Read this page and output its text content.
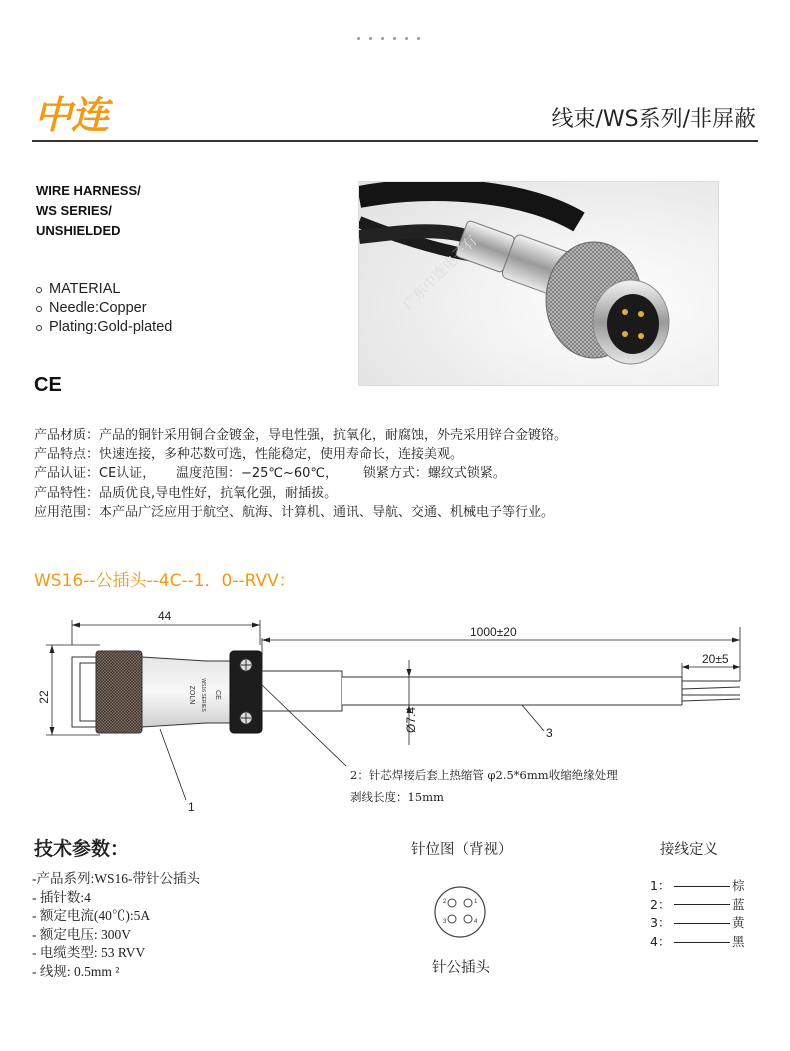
中连	线束/WS系列/非屏蔽
WIRE HARNESS/
WS SERIES/
UNSHIELDED
MATERIAL
Needle:Copper
Plating:Gold-plated
CE
广东中连电子有
产品材质：产品的铜针采用铜合金镀金，导电性强，抗氧化，耐腐蚀，外壳采用锌合金镀铬。
产品特点：快速连接，多种芯数可选，性能稳定，使用寿命长，连接美观。
产品认证：CE认证，     温度范围：−25℃~60℃，      锁紧方式：螺纹式锁紧。
产品特性：品质优良,导电性好，抗氧化强，耐插拔。
应用范围：本产品广泛应用于航空、航海、计算机、通讯、导航、交通、机械电子等行业。
WS16--公插头--4C--1．0--RVV：
44
22	ZOLN WS16 SERIES CE
1000±20
20±5
Ø7.4	3
1
2：针芯焊接后套上热缩管 φ2.5*6mm收缩绝缘处理
剥线长度：15mm
技术参数：
-产品系列:WS16-带针公插头
- 插针数:4
- 额定电流(40℃):5A
- 额定电压: 300V
- 电缆类型: 53 RVV
- 线规: 0.5mm ²
针位图（背视）
2	1
3	4
针公插头
接线定义
1：	棕
2：	蓝
3：	黄
4：	黑
